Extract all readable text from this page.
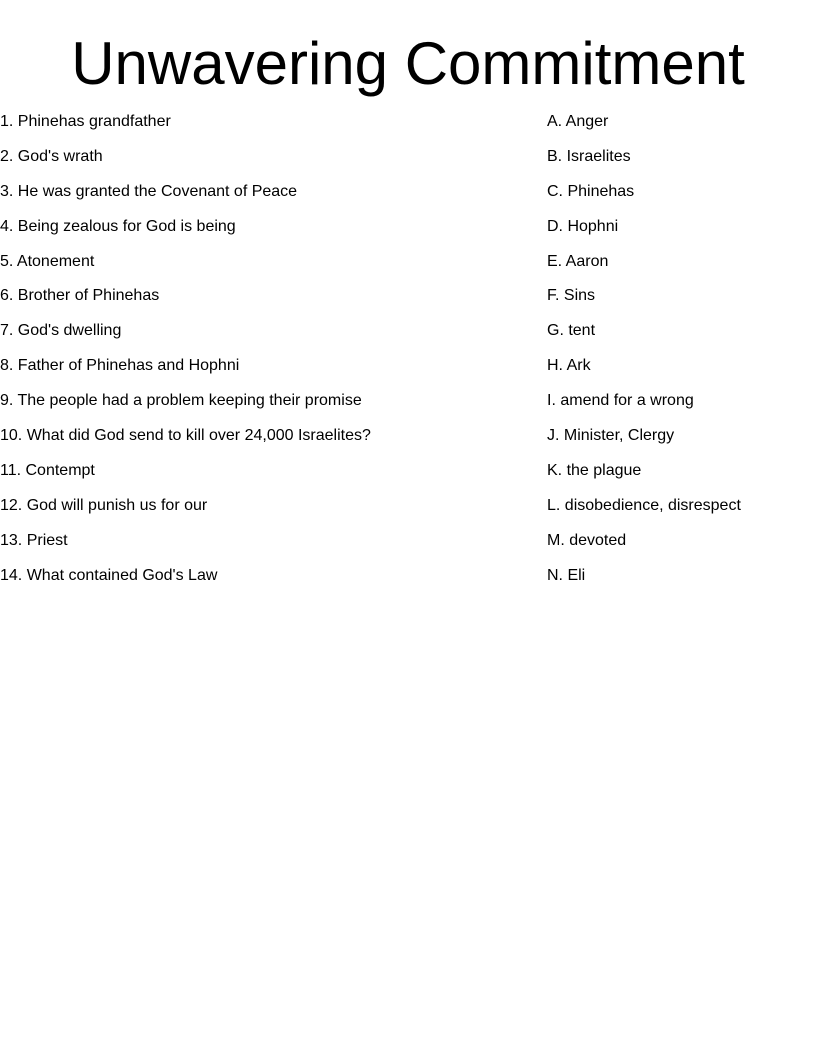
Unwavering Commitment
1. Phinehas grandfather	A. Anger
2. God's wrath	B. Israelites
3. He was granted the Covenant of Peace	C. Phinehas
4. Being zealous for God is being	D. Hophni
5. Atonement	E. Aaron
6. Brother of Phinehas	F. Sins
7. God's dwelling	G. tent
8. Father of Phinehas and Hophni	H. Ark
9. The people had a problem keeping their promise	I. amend for a wrong
10. What did God send to kill over 24,000 Israelites?	J. Minister, Clergy
11. Contempt	K. the plague
12. God will punish us for our	L. disobedience, disrespect
13. Priest	M. devoted
14. What contained God's Law	N. Eli
